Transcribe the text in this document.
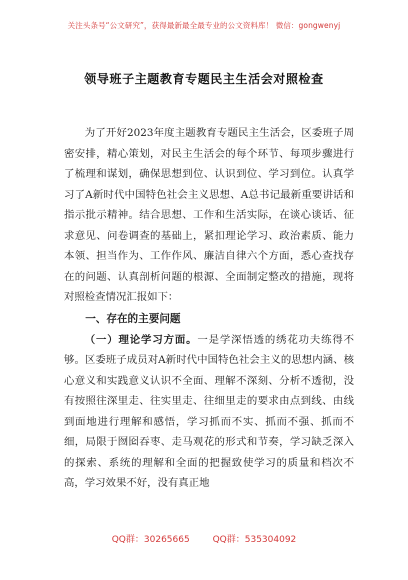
关注头条号“公文研究”，获得最新最全最专业的公文资料库！ 微信：gongwenyj
领导班子主题教育专题民主生活会对照检查

为了开好2023年度主题教育专题民主生活会，区委班子周密安排，精心策划，对民主生活会的每个环节、每项步骤进行了梳理和谋划，确保思想到位、认识到位、学习到位。认真学习了A新时代中国特色社会主义思想、A总书记最新重要讲话和指示批示精神。结合思想、工作和生活实际，在谈心谈话、征求意见、问卷调查的基础上，紧扣理论学习、政治素质、能力本领、担当作为、工作作风、廉洁自律六个方面，悉心查找存在的问题、认真剖析问题的根源、全面制定整改的措施，现将对照检查情况汇报如下：

一、存在的主要问题

（一）理论学习方面。一是学深悟透的绣花功夫练得不够。区委班子成员对A新时代中国特色社会主义的思想内涵、核心意义和实践意义认识不全面、理解不深刻、分析不透彻，没有按照往深里走、往实里走、往细里走的要求由点到线、由线到面地进行理解和感悟，学习抓而不实、抓而不强、抓而不细，局限于囫囵吞枣、走马观花的形式和节奏，学习缺乏深入的探索、系统的理解和全面的把握致使学习的质量和档次不高，学习效果不好，没有真正地

QQ群：30265665	QQ群：535304092
